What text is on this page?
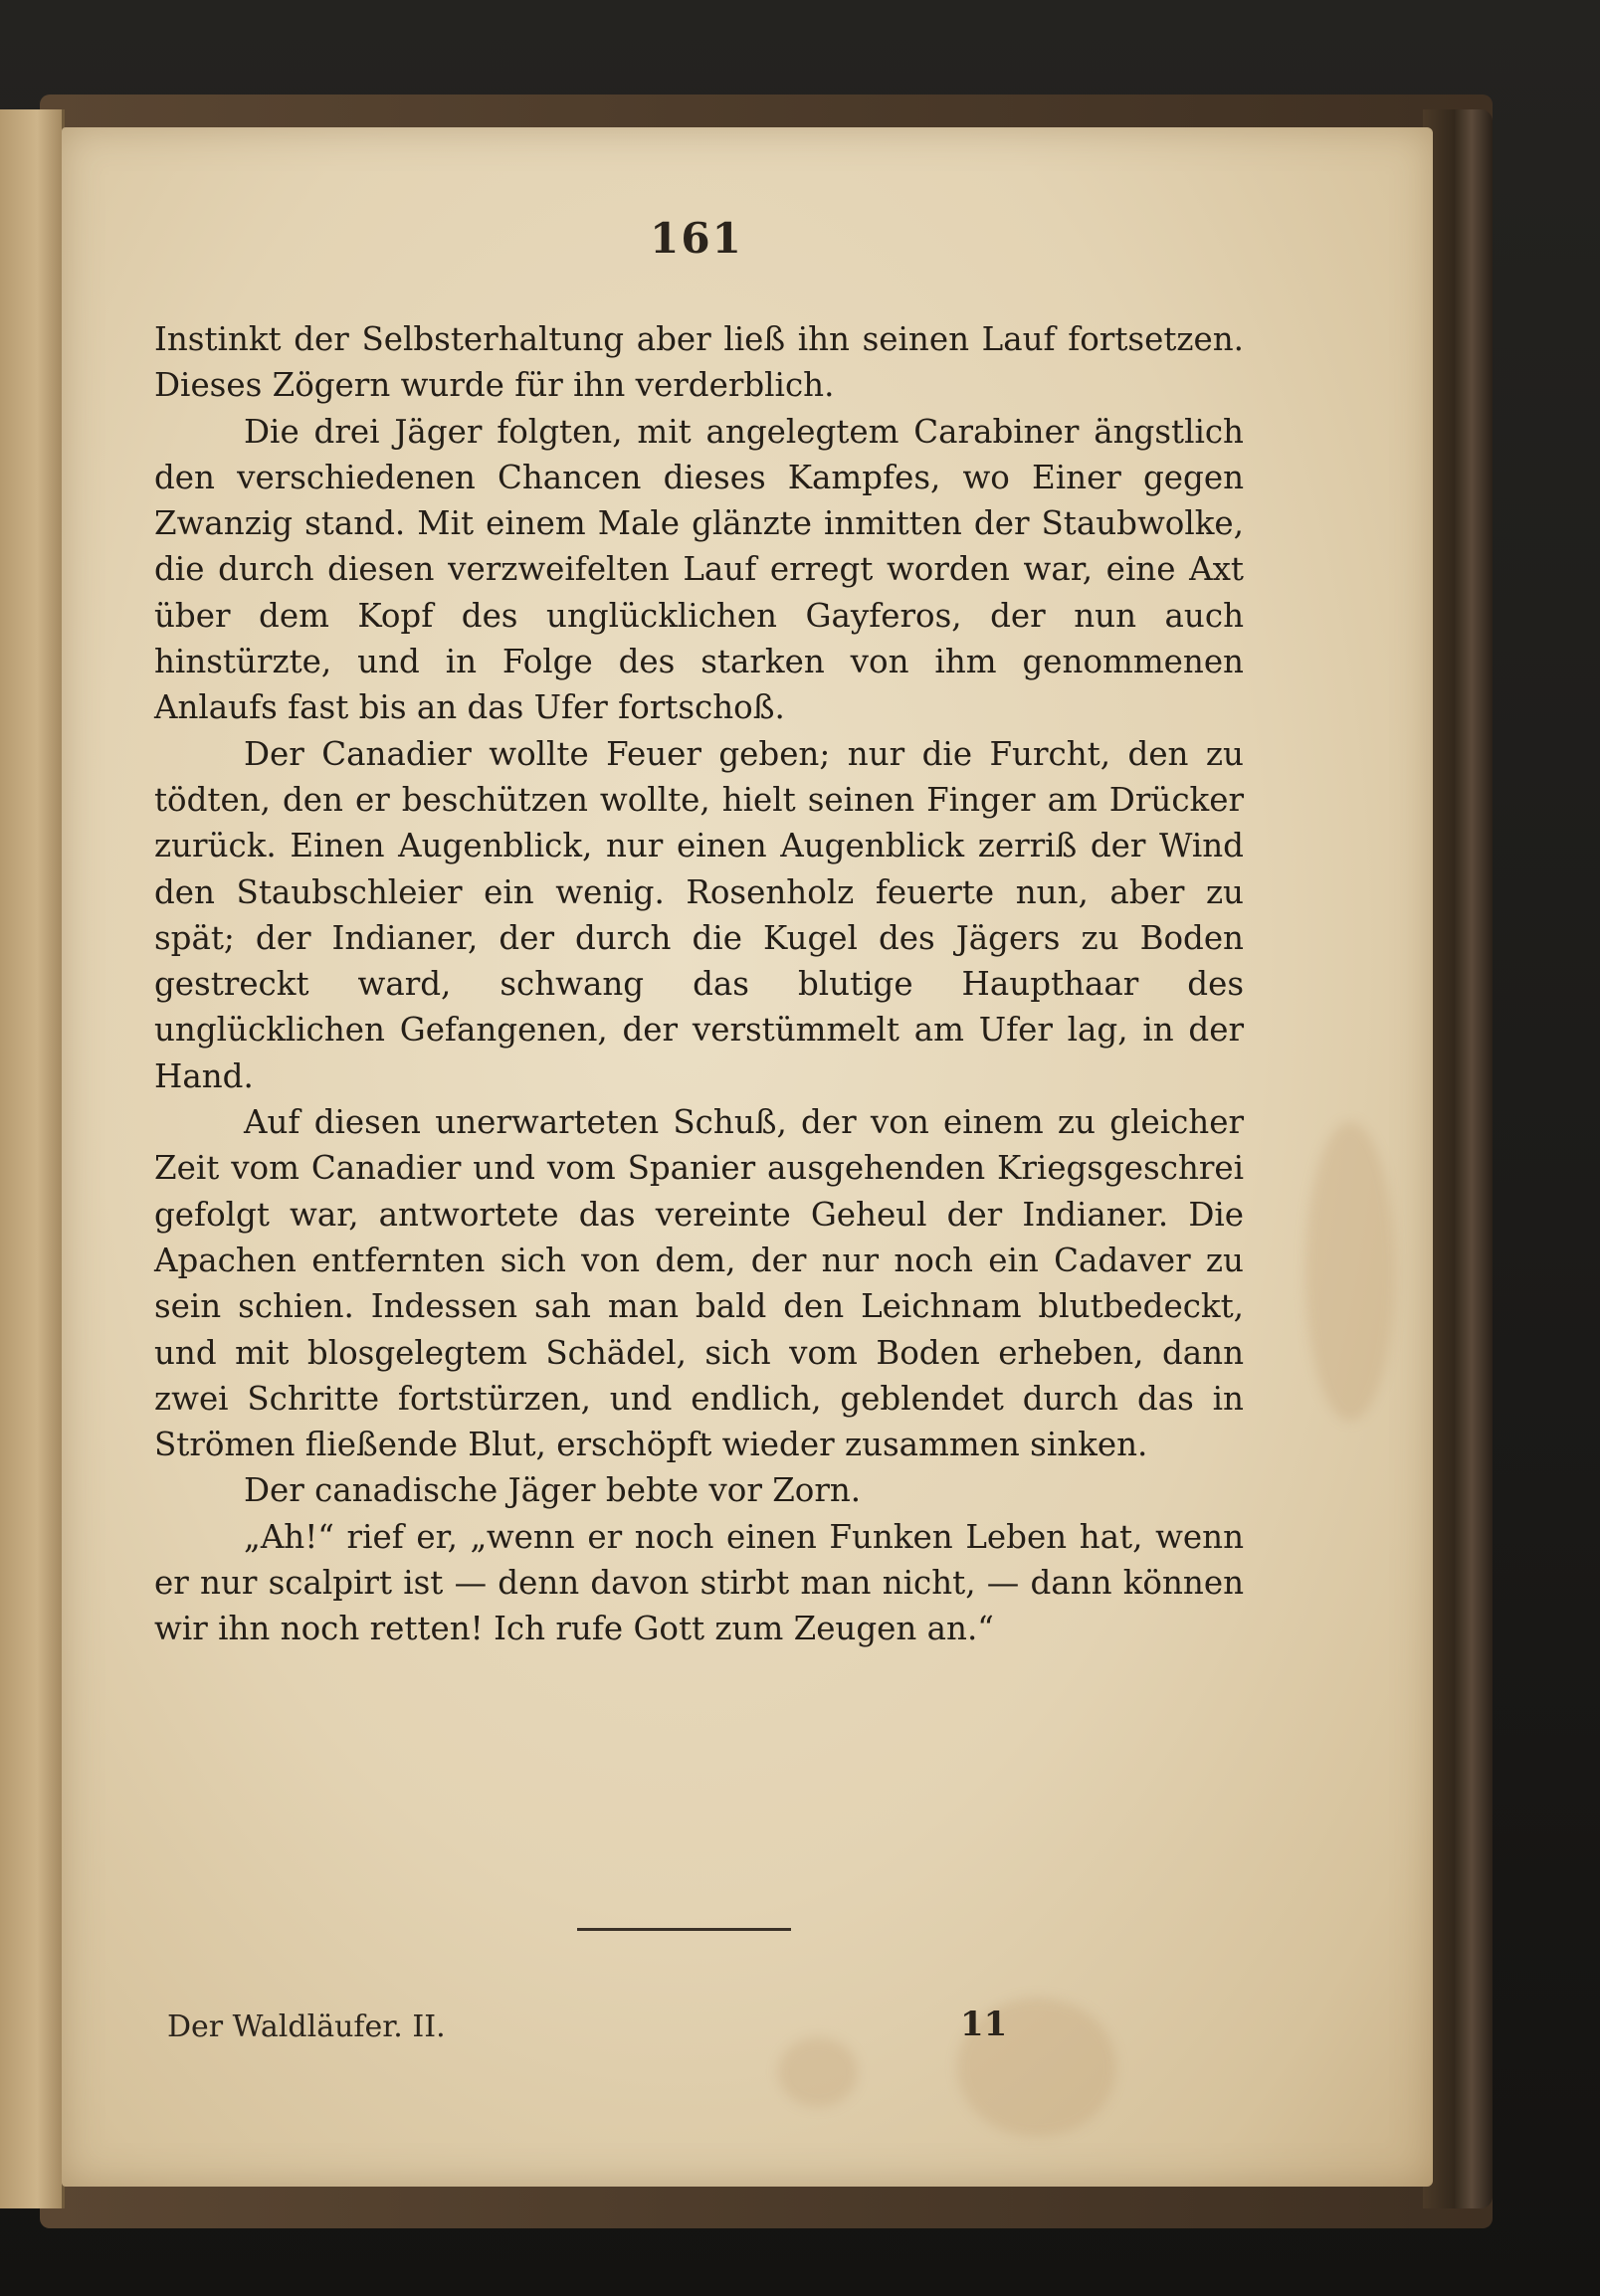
161

Instinkt der Selbsterhaltung aber ließ ihn seinen Lauf fortsetzen. Dieses Zögern wurde für ihn verderblich.

Die drei Jäger folgten, mit angelegtem Carabiner ängstlich den verschiedenen Chancen dieses Kampfes, wo Einer gegen Zwanzig stand. Mit einem Male glänzte inmitten der Staubwolke, die durch diesen verzweifelten Lauf erregt worden war, eine Axt über dem Kopf des unglücklichen Gayferos, der nun auch hinstürzte, und in Folge des starken von ihm genommenen Anlaufs fast bis an das Ufer fortschoß.

Der Canadier wollte Feuer geben; nur die Furcht, den zu tödten, den er beschützen wollte, hielt seinen Finger am Drücker zurück. Einen Augenblick, nur einen Augenblick zerriß der Wind den Staubschleier ein wenig. Rosenholz feuerte nun, aber zu spät; der Indianer, der durch die Kugel des Jägers zu Boden gestreckt ward, schwang das blutige Haupthaar des unglücklichen Gefangenen, der verstümmelt am Ufer lag, in der Hand.

Auf diesen unerwarteten Schuß, der von einem zu gleicher Zeit vom Canadier und vom Spanier ausgehenden Kriegsgeschrei gefolgt war, antwortete das vereinte Geheul der Indianer. Die Apachen entfernten sich von dem, der nur noch ein Cadaver zu sein schien. Indessen sah man bald den Leichnam blutbedeckt, und mit blosgelegtem Schädel, sich vom Boden erheben, dann zwei Schritte fortstürzen, und endlich, geblendet durch das in Strömen fließende Blut, erschöpft wieder zusammen sinken.

Der canadische Jäger bebte vor Zorn.

„Ah!“ rief er, „wenn er noch einen Funken Leben hat, wenn er nur scalpirt ist — denn davon stirbt man nicht, — dann können wir ihn noch retten! Ich rufe Gott zum Zeugen an.“

Der Waldläufer. II.	11
